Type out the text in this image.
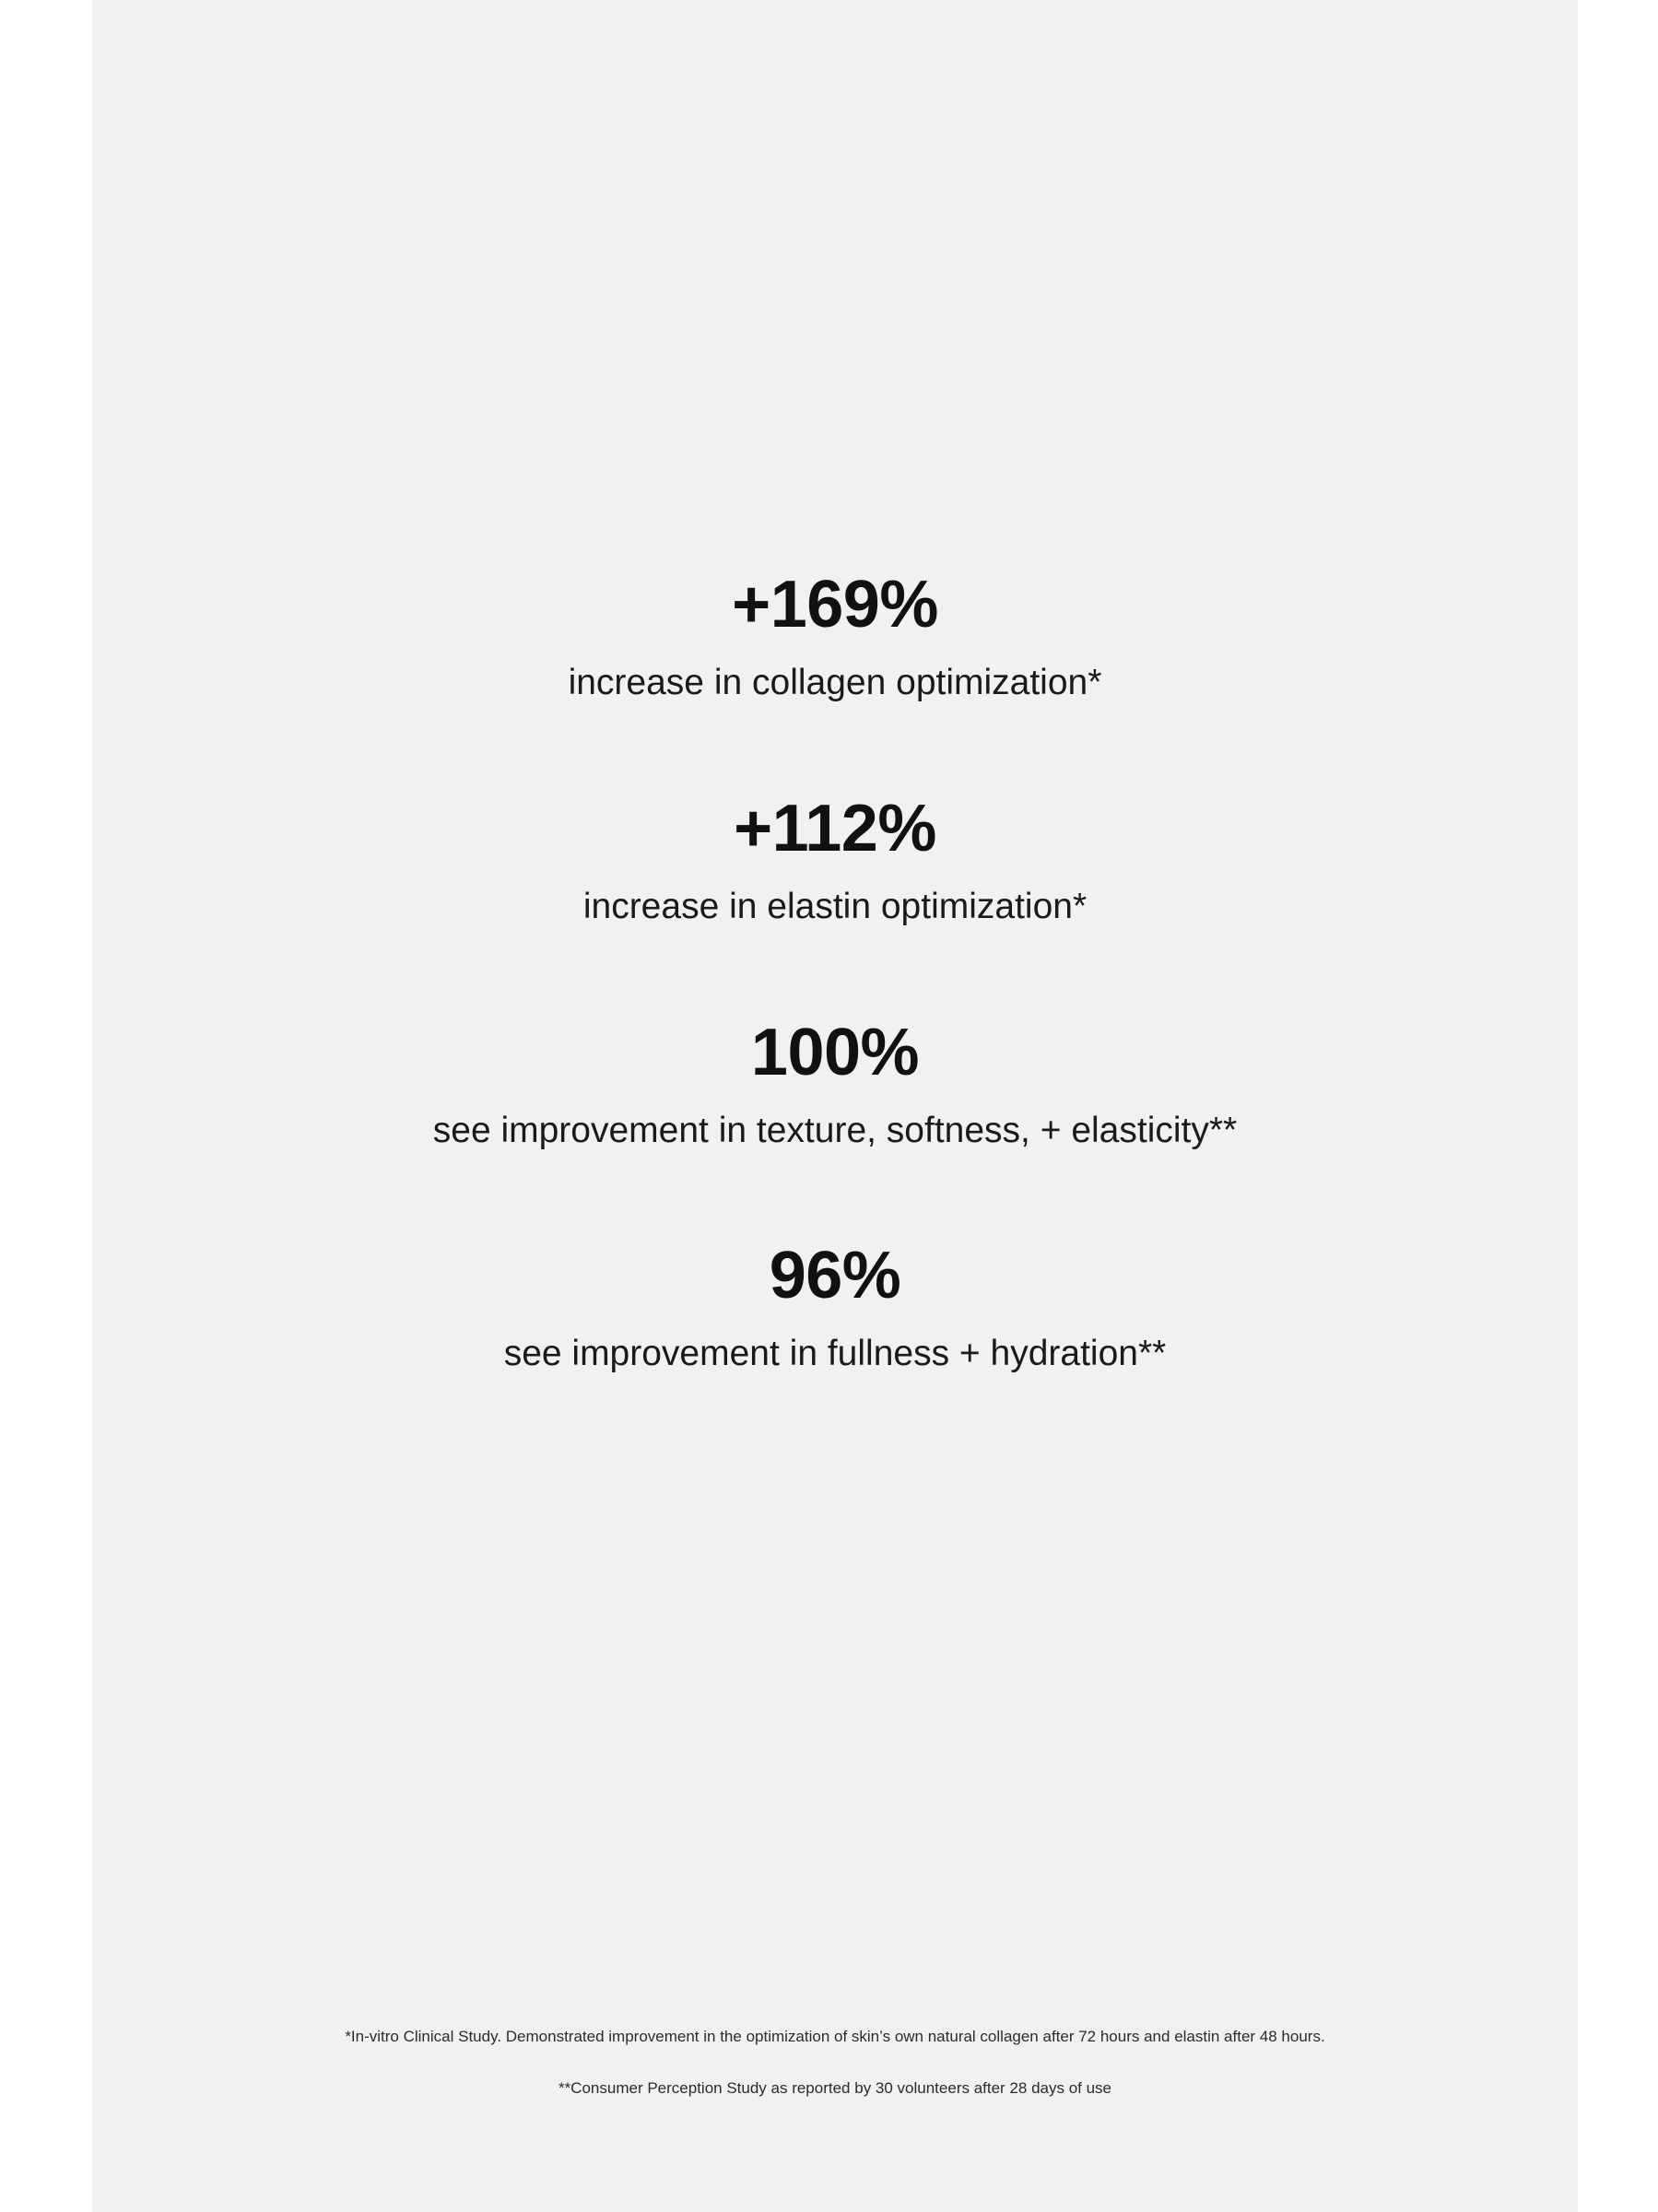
+169%
increase in collagen optimization*
+112%
increase in elastin optimization*
100%
see improvement in texture, softness, + elasticity**
96%
see improvement in fullness + hydration**

*In-vitro Clinical Study. Demonstrated improvement in the optimization of skin’s own natural collagen after 72 hours and elastin after 48 hours.

**Consumer Perception Study as reported by 30 volunteers after 28 days of use
